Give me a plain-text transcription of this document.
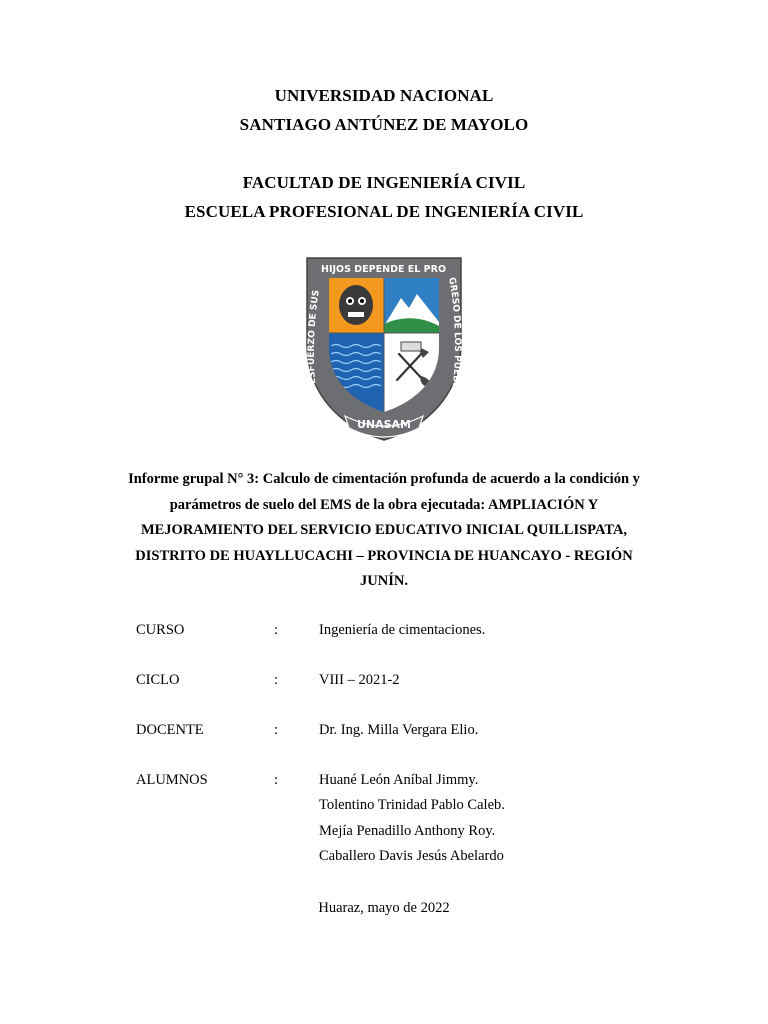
UNIVERSIDAD NACIONAL
SANTIAGO ANTÚNEZ DE MAYOLO
FACULTAD DE INGENIERÍA CIVIL
ESCUELA PROFESIONAL DE INGENIERÍA CIVIL
HIJOS DEPENDE EL PRO
DEL ESFUERZO DE SUS
GRESO DE LOS PUEBLOS
UNASAM
Informe grupal N° 3: Calculo de cimentación profunda de acuerdo a la condición y
parámetros de suelo del EMS de la obra ejecutada: AMPLIACIÓN Y
MEJORAMIENTO DEL SERVICIO EDUCATIVO INICIAL QUILLISPATA,
DISTRITO DE HUAYLLUCACHI – PROVINCIA DE HUANCAYO - REGIÓN
JUNÍN.
CURSO	:	Ingeniería de cimentaciones.
CICLO	:	VIII – 2021-2
DOCENTE	:	Dr. Ing. Milla Vergara Elio.
ALUMNOS	:	Huané León Aníbal Jimmy.
Tolentino Trinidad Pablo Caleb.
Mejía Penadillo Anthony Roy.
Caballero Davis Jesús Abelardo
Huaraz, mayo de 2022
